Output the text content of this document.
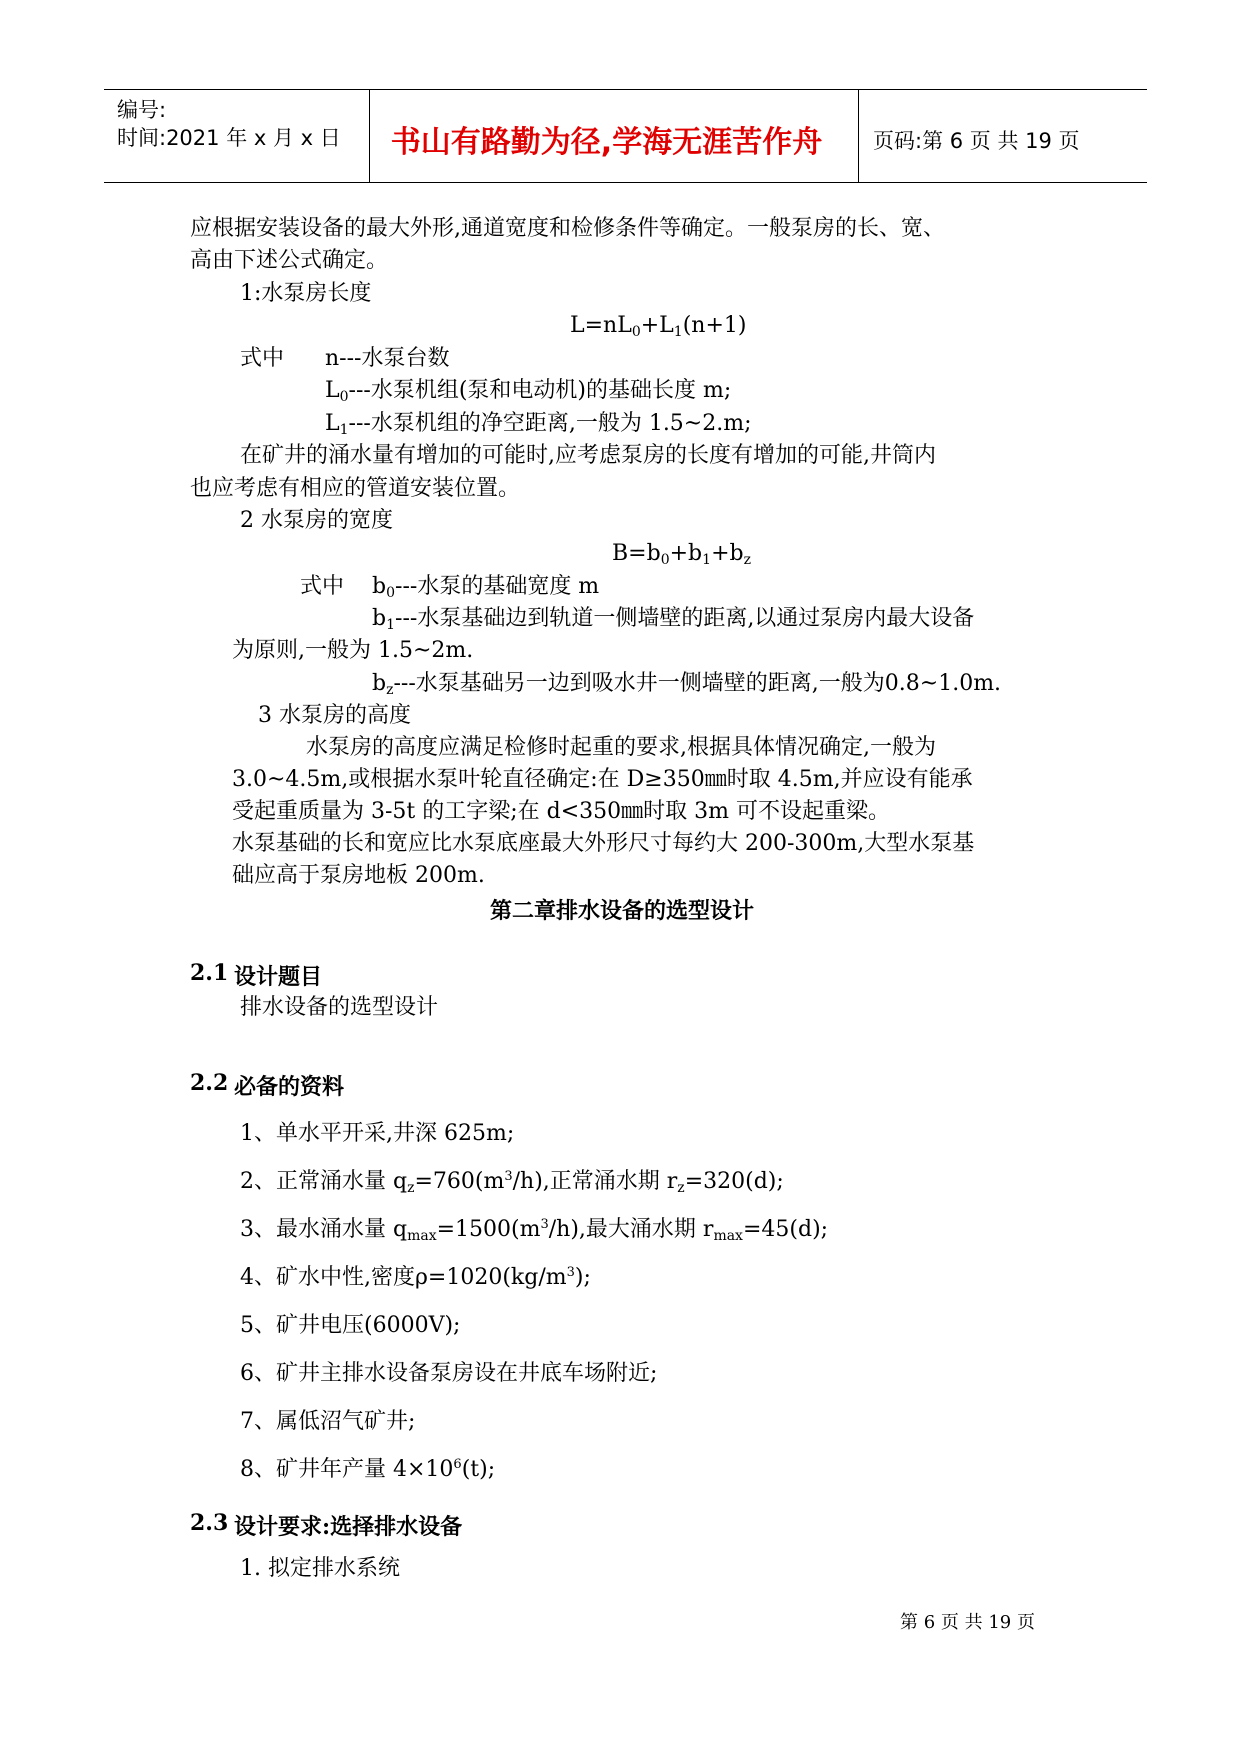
编号:
时间:2021 年 x 月 x 日	书山有路勤为径,学海无涯苦作舟	页码:第 6 页 共 19 页
应根据安装设备的最大外形,通道宽度和检修条件等确定。一般泵房的长、宽、
高由下述公式确定。
1:水泵房长度
$L=nL_0+L_1(n+1)$
式中 n---水泵台数
$L_0---$水泵机组(泵和电动机)的基础长度 m;
$L_1---$水泵机组的净空距离,一般为 1.5~2.m;
在矿井的涌水量有增加的可能时,应考虑泵房的长度有增加的可能,井筒内
也应考虑有相应的管道安装位置。
2 水泵房的宽度
$B=b_0+b_1+b_z$
式中 $b_0---$水泵的基础宽度 m
$b_1---$水泵基础边到轨道一侧墙壁的距离,以通过泵房内最大设备
为原则,一般为 1.5~2m.
$b_z---$水泵基础另一边到吸水井一侧墙壁的距离,一般为0.8~1.0m.
3 水泵房的高度
水泵房的高度应满足检修时起重的要求,根据具体情况确定,一般为
3.0~4.5m,或根据水泵叶轮直径确定:在 D≥350㎜时取 4.5m,并应设有能承
受起重质量为 3-5t 的工字梁;在 d<350㎜时取 3m 可不设起重梁。
水泵基础的长和宽应比水泵底座最大外形尺寸每约大 200-300m,大型水泵基
础应高于泵房地板 200m.
第二章排水设备的选型设计
2.1 设计题目
排水设备的选型设计
2.2 必备的资料
1、单水平开采,井深 625m;
2、正常涌水量 $q_z=760(m^3/h)$,正常涌水期 $r_z=320(d)$;
3、最水涌水量 $q_{max}=1500(m^3/h)$,最大涌水期 $r_{max}=45(d)$;
4、矿水中性,密度$\rho=1020(kg/m^3)$;
5、矿井电压(6000V);
6、矿井主排水设备泵房设在井底车场附近;
7、属低沼气矿井;
8、矿井年产量 $4\times 10^6(t)$;
2.3 设计要求:选择排水设备
1. 拟定排水系统
第 6 页 共 19 页
